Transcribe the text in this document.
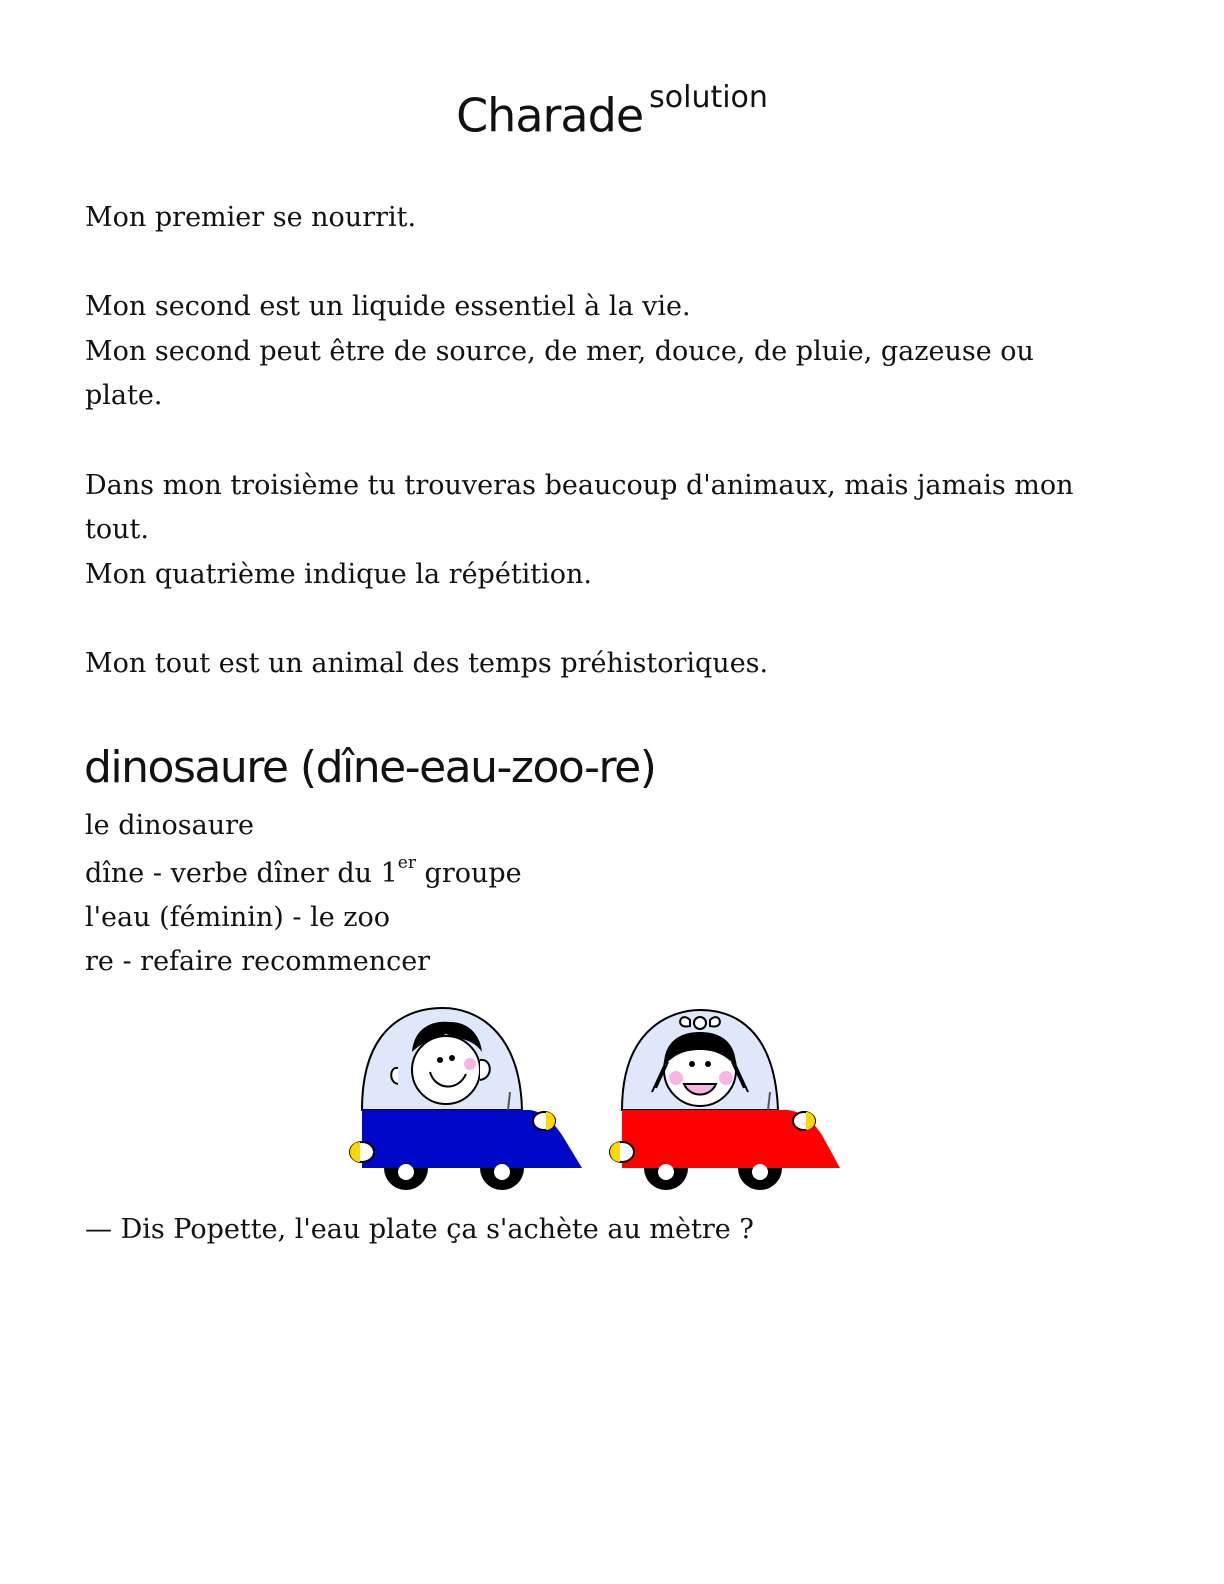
Charade $^{solution}$

Mon premier se nourrit.

Mon second est un liquide essentiel à la vie.

Mon second peut être de source, de mer, douce, de pluie, gazeuse ou

plate.

Dans mon troisième tu trouveras beaucoup d'animaux, mais jamais mon

tout.

Mon quatrième indique la répétition.

Mon tout est un animal des temps préhistoriques.

dinosaure (dîne-eau-zoo-re)

le dinosaure

dîne - verbe dîner du 1er groupe

l'eau (féminin) - le zoo

re - refaire recommencer

— Dis Popette, l'eau plate ça s'achète au mètre ?
